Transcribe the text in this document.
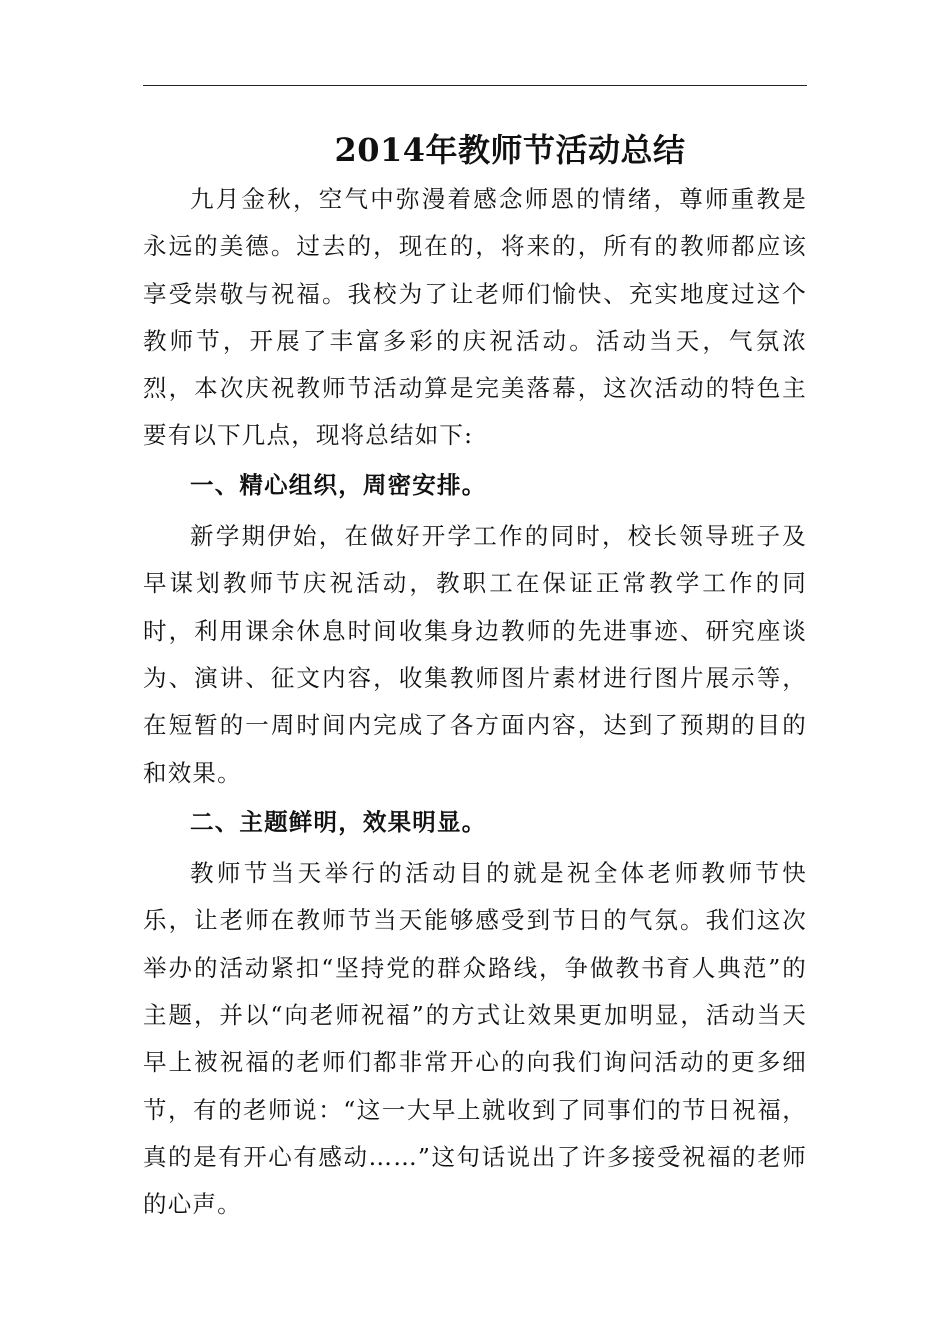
2014年教师节活动总结

九月金秋，空气中弥漫着感念师恩的情绪，尊师重教是永远的美德。过去的，现在的，将来的，所有的教师都应该享受崇敬与祝福。我校为了让老师们愉快、充实地度过这个教师节，开展了丰富多彩的庆祝活动。活动当天，气氛浓烈，本次庆祝教师节活动算是完美落幕，这次活动的特色主要有以下几点，现将总结如下:

一、精心组织，周密安排。

新学期伊始，在做好开学工作的同时，校长领导班子及早谋划教师节庆祝活动，教职工在保证正常教学工作的同时，利用课余休息时间收集身边教师的先进事迹、研究座谈为、演讲、征文内容，收集教师图片素材进行图片展示等，在短暂的一周时间内完成了各方面内容，达到了预期的目的和效果。

二、主题鲜明，效果明显。

教师节当天举行的活动目的就是祝全体老师教师节快乐，让老师在教师节当天能够感受到节日的气氛。我们这次举办的活动紧扣“坚持党的群众路线，争做教书育人典范”的主题，并以“向老师祝福”的方式让效果更加明显，活动当天早上被祝福的老师们都非常开心的向我们询问活动的更多细节，有的老师说：“这一大早上就收到了同事们的节日祝福，真的是有开心有感动……”这句话说出了许多接受祝福的老师的心声。
